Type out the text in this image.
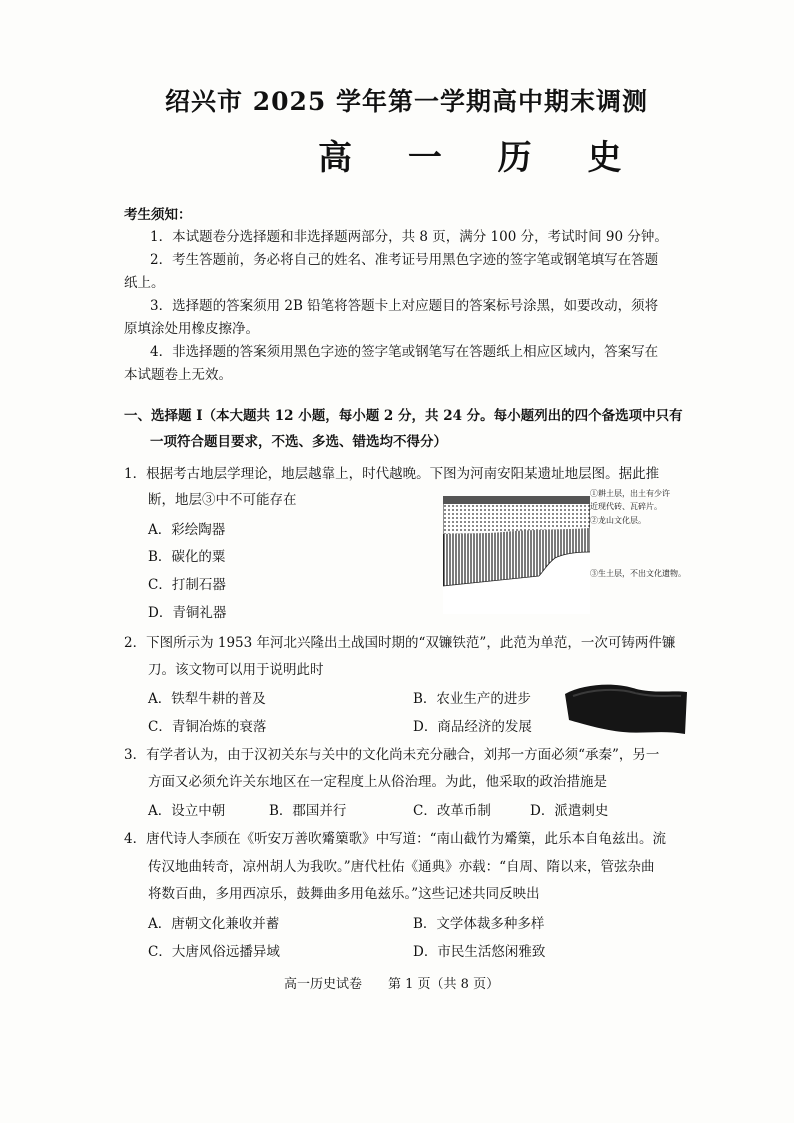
绍兴市 2025 学年第一学期高中期末调测
高 一 历 史
考生须知：
1．本试题卷分选择题和非选择题两部分，共 8 页，满分 100 分，考试时间 90 分钟。
2．考生答题前，务必将自己的姓名、准考证号用黑色字迹的签字笔或钢笔填写在答题
纸上。
3．选择题的答案须用 2B 铅笔将答题卡上对应题目的答案标号涂黑，如要改动，须将
原填涂处用橡皮擦净。
4．非选择题的答案须用黑色字迹的签字笔或钢笔写在答题纸上相应区域内，答案写在
本试题卷上无效。
一、选择题 I（本大题共 12 小题，每小题 2 分，共 24 分。每小题列出的四个备选项中只有
一项符合题目要求，不选、多选、错选均不得分）
1．根据考古地层学理论，地层越靠上，时代越晚。下图为河南安阳某遗址地层图。据此推
断，地层③中不可能存在
A．彩绘陶器
B．碳化的粟
C．打制石器
D．青铜礼器
①耕土层，出土有少许
近现代砖、瓦碎片。
②龙山文化层。
③生土层，不出文化遗物。
2．下图所示为 1953 年河北兴隆出土战国时期的“双镰铁范”，此范为单范，一次可铸两件镰
刀。该文物可以用于说明此时
A．铁犁牛耕的普及	B．农业生产的进步
C．青铜冶炼的衰落	D．商品经济的发展
3．有学者认为，由于汉初关东与关中的文化尚未充分融合，刘邦一方面必须“承秦”，另一
方面又必须允许关东地区在一定程度上从俗治理。为此，他采取的政治措施是
A．设立中朝	B．郡国并行	C．改革币制	D．派遣刺史
4．唐代诗人李颀在《听安万善吹觱篥歌》中写道：“南山截竹为觱篥，此乐本自龟兹出。流
传汉地曲转奇，凉州胡人为我吹。”唐代杜佑《通典》亦载：“自周、隋以来，管弦杂曲
将数百曲，多用西凉乐，鼓舞曲多用龟兹乐。”这些记述共同反映出
A．唐朝文化兼收并蓄	B．文学体裁多种多样
C．大唐风俗远播异域	D．市民生活悠闲雅致
高一历史试卷　　第 1 页（共 8 页）
